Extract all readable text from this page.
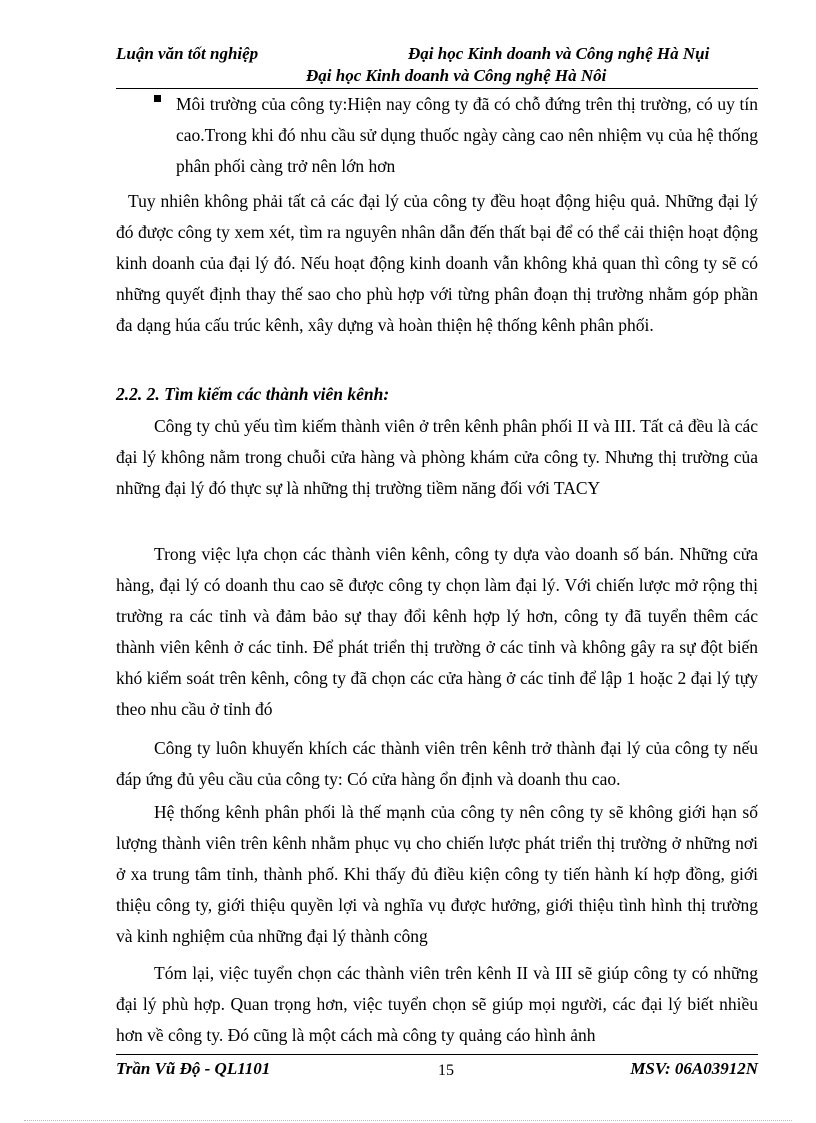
Luận văn tốt nghiệp	Đại học Kinh doanh và Công nghệ Hà Nụi
Đại học Kinh doanh và Công nghệ Hà Nôi
Môi trường của công ty:Hiện nay công ty đã có chỗ đứng trên thị trường, có uy tín cao.Trong khi đó nhu cầu sử dụng thuốc ngày càng cao nên nhiệm vụ của hệ thống phân phối càng trở nên lớn hơn
Tuy nhiên không phải tất cả các đại lý của công ty đều hoạt động hiệu quả. Những đại lý đó được công ty xem xét, tìm ra nguyên nhân dẫn đến thất bại để có thể cải thiện hoạt động kinh doanh của đại lý đó. Nếu hoạt động kinh doanh vẫn không khả quan thì công ty sẽ có những quyết định thay thế sao cho phù hợp với từng phân đoạn thị trường nhằm góp phần đa dạng húa cấu trúc kênh, xây dựng và hoàn thiện hệ thống kênh phân phối.
2.2. 2. Tìm kiếm các thành viên kênh:
Công ty chủ yếu tìm kiếm thành viên ở trên kênh phân phối II và III. Tất cả đều là các đại lý không nằm trong chuỗi cửa hàng và phòng khám cửa công ty. Nhưng thị trường của những đại lý đó thực sự là những thị trường tiềm năng đối với TACY
Trong việc lựa chọn các thành viên kênh, công ty dựa vào doanh số bán. Những cửa hàng, đại lý có doanh thu cao sẽ được công ty chọn làm đại lý. Với chiến lược mở rộng thị trường ra các tỉnh và đảm bảo sự thay đổi kênh hợp lý hơn, công ty đã tuyển thêm các thành viên kênh ở các tỉnh. Để phát triển thị trường ở các tỉnh và không gây ra sự đột biến khó kiểm soát trên kênh, công ty đã chọn các cửa hàng ở các tỉnh để lập 1 hoặc 2 đại lý tựy theo nhu cầu ở tỉnh đó
Công ty luôn khuyến khích các thành viên trên kênh trở thành đại lý của công ty nếu đáp ứng đủ yêu cầu của công ty: Có cửa hàng ổn định và doanh thu cao.
Hệ thống kênh phân phối là thế mạnh của công ty nên công ty sẽ không giới hạn số lượng thành viên trên kênh nhằm phục vụ cho chiến lược phát triển thị trường ở những nơi ở xa trung tâm tỉnh, thành phố. Khi thấy đủ điều kiện công ty tiến hành kí hợp đồng, giới thiệu công ty, giới thiệu quyền lợi và nghĩa vụ được hưởng, giới thiệu tình hình thị trường và kinh nghiệm của những đại lý thành công
Tóm lại, việc tuyển chọn các thành viên trên kênh II và III sẽ giúp công ty có những đại lý phù hợp. Quan trọng hơn, việc tuyển chọn sẽ giúp mọi người, các đại lý biết nhiều hơn về công ty. Đó cũng là một cách mà công ty quảng cáo hình ảnh
Trần Vũ Độ - QL1101	15	MSV: 06A03912N
